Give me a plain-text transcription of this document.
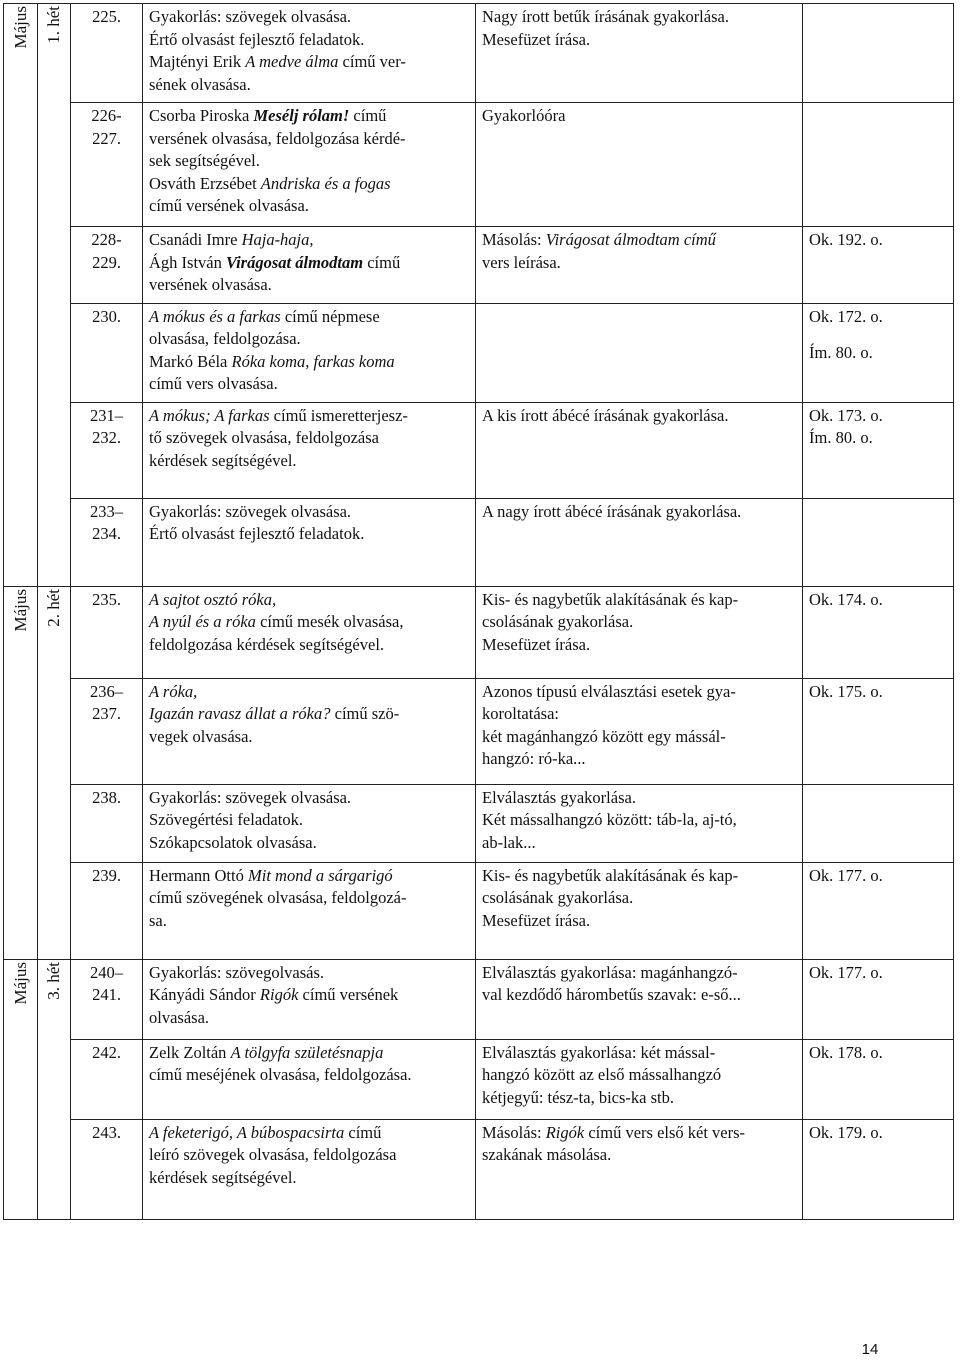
Május	1. hét	225.	Gyakorlás: szövegek olvasása.
Értő olvasást fejlesztő feladatok.
Majtényi Erik A medve álma című ver-
sének olvasása.	Nagy írott betűk írásának gyakorlása.
Mesefüzet írása.	

		226-
227.	Csorba Piroska Mesélj rólam! című
versének olvasása, feldolgozása kérdé-
sek segítségével.
Osváth Erzsébet Andriska és a fogas
című versének olvasása.	Gyakorlóóra	

		228-
229.	Csanádi Imre Haja-haja,
Ágh István Virágosat álmodtam című
versének olvasása.	Másolás: Virágosat álmodtam című
vers leírása.	Ok. 192. o.

		230.	A mókus és a farkas című népmese
olvasása, feldolgozása.
Markó Béla Róka koma, farkas koma
című vers olvasása.		Ok. 172. o.
Ím. 80. o.

		231–
232.	A mókus; A farkas című ismeretterjesz-
tő szövegek olvasása, feldolgozása
kérdések segítségével.	A kis írott ábécé írásának gyakorlása.	Ok. 173. o.
Ím. 80. o.

		233–
234.	Gyakorlás: szövegek olvasása.
Értő olvasást fejlesztő feladatok.	A nagy írott ábécé írásának gyakorlása.	

Május	2. hét	235.	A sajtot osztó róka,
A nyúl és a róka című mesék olvasása,
feldolgozása kérdések segítségével.	Kis- és nagybetűk alakításának és kap-
csolásának gyakorlása.
Mesefüzet írása.	Ok. 174. o.

		236–
237.	A róka,
Igazán ravasz állat a róka? című szö-
vegek olvasása.	Azonos típusú elválasztási esetek gya-
koroltatása:
két magánhangzó között egy mássál-
hangzó: ró-ka...	Ok. 175. o.

		238.	Gyakorlás: szövegek olvasása.
Szövegértési feladatok.
Szókapcsolatok olvasása.	Elválasztás gyakorlása.
Két mássalhangzó között: táb-la, aj-tó,
ab-lak...	

		239.	Hermann Ottó Mit mond a sárgarigó
című szövegének olvasása, feldolgozá-
sa.	Kis- és nagybetűk alakításának és kap-
csolásának gyakorlása.
Mesefüzet írása.	Ok. 177. o.

Május	3. hét	240–
241.	Gyakorlás: szövegolvasás.
Kányádi Sándor Rigók című versének
olvasása.	Elválasztás gyakorlása: magánhangzó-
val kezdődő hárombetűs szavak: e-ső...	Ok. 177. o.

		242.	Zelk Zoltán A tölgyfa születésnapja
című meséjének olvasása, feldolgozása.	Elválasztás gyakorlása: két mással-
hangzó között az első mássalhangzó
kétjegyű: tész-ta, bics-ka stb.	Ok. 178. o.

		243.	A feketerigó, A búbospacsirta című
leíró szövegek olvasása, feldolgozása
kérdések segítségével.	Másolás: Rigók című vers első két vers-
szakának másolása.	Ok. 179. o.
14
